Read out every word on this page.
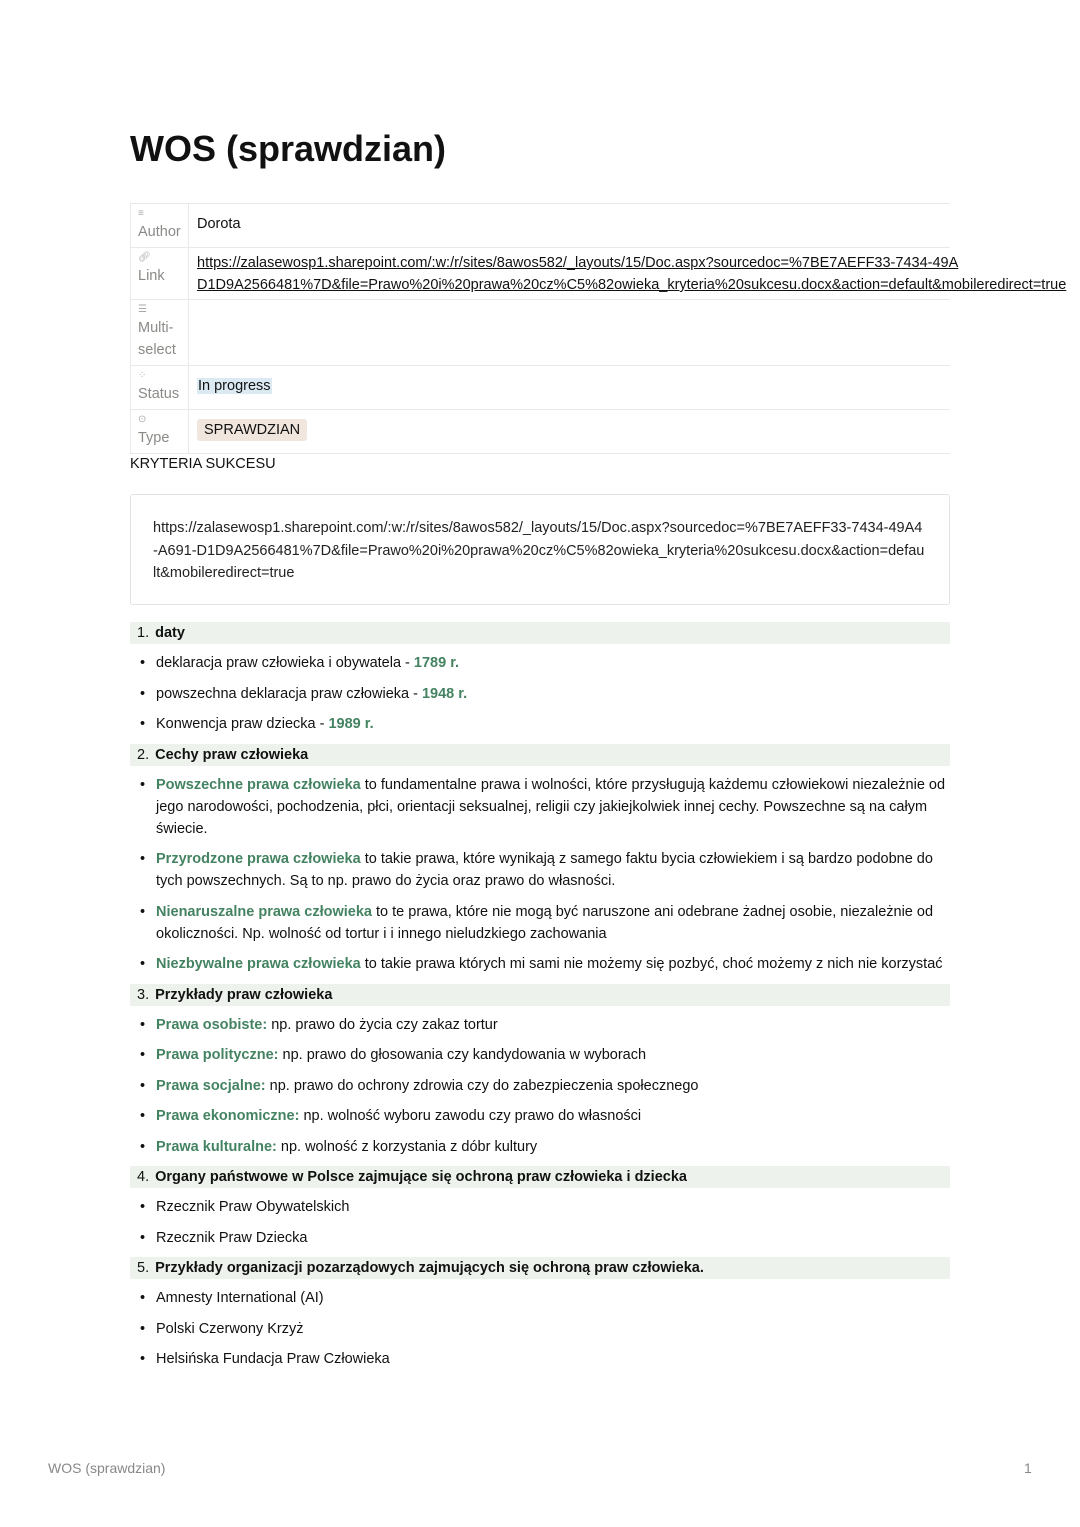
WOS (sprawdzian)
≡
Author	Dorota

🔗︎
Link	https://zalasewosp1.sharepoint.com/:w:/r/sites/8awos582/_layouts/15/Doc.aspx?sourcedoc=%7BE7AEFF33-7434-49A
D1D9A2566481%7D&file=Prawo%20i%20prawa%20cz%C5%82owieka_kryteria%20sukcesu.docx&action=default&mobileredirect=true

☰
Multi-select	

⁘
Status	In progress

⊙
Type	SPRAWDZIAN
KRYTERIA SUKCESU
https://zalasewosp1.sharepoint.com/:w:/r/sites/8awos582/_layouts/15/Doc.aspx?sourcedoc=%7BE7AEFF33-7434-49A4-A691-D1D9A2566481%7D&file=Prawo%20i%20prawa%20cz%C5%82owieka_kryteria%20sukcesu.docx&action=default&mobileredirect=true
1. daty
• deklaracja praw człowieka i obywatela - 1789 r.
• powszechna deklaracja praw człowieka - 1948 r.
• Konwencja praw dziecka - 1989 r.
2. Cechy praw człowieka
• Powszechne prawa człowieka to fundamentalne prawa i wolności, które przysługują każdemu człowiekowi niezależnie od jego narodowości, pochodzenia, płci, orientacji seksualnej, religii czy jakiejkolwiek innej cechy. Powszechne są na całym świecie.
• Przyrodzone prawa człowieka to takie prawa, które wynikają z samego faktu bycia człowiekiem i są bardzo podobne do tych powszechnych. Są to np. prawo do życia oraz prawo do własności.
• Nienaruszalne prawa człowieka to te prawa, które nie mogą być naruszone ani odebrane żadnej osobie, niezależnie od okoliczności. Np. wolność od tortur i i innego nieludzkiego zachowania
• Niezbywalne prawa człowieka to takie prawa których mi sami nie możemy się pozbyć, choć możemy z nich nie korzystać
3. Przykłady praw człowieka
• Prawa osobiste: np. prawo do życia czy zakaz tortur
• Prawa polityczne: np. prawo do głosowania czy kandydowania w wyborach
• Prawa socjalne: np. prawo do ochrony zdrowia czy do zabezpieczenia społecznego
• Prawa ekonomiczne: np. wolność wyboru zawodu czy prawo do własności
• Prawa kulturalne: np. wolność z korzystania z dóbr kultury
4. Organy państwowe w Polsce zajmujące się ochroną praw człowieka i dziecka
• Rzecznik Praw Obywatelskich
• Rzecznik Praw Dziecka
5. Przykłady organizacji pozarządowych zajmujących się ochroną praw człowieka.
• Amnesty International (AI)
• Polski Czerwony Krzyż
• Helsińska Fundacja Praw Człowieka
WOS (sprawdzian)	1
